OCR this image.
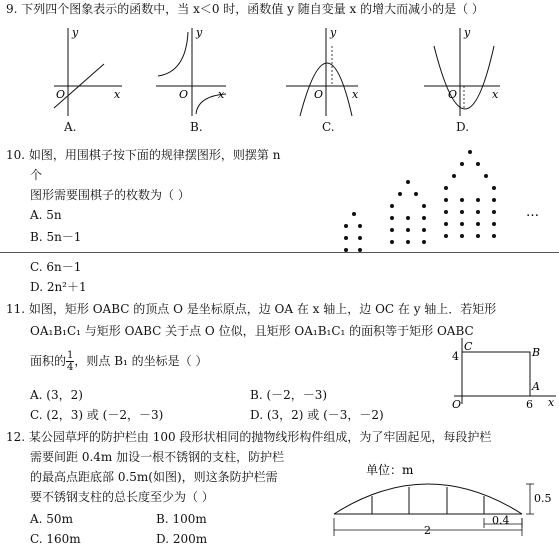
9. 下列四个图象表示的函数中，当 x＜0 时，函数值 y 随自变量 x 的增大而减小的是（ ）
y
x
O
A.
y
x
O
B.
y
x
O
C.
y
x
O
D.
10. 如图，用围棋子按下面的规律摆图形，则摆第 n
个
图形需要围棋子的枚数为（ ）
A. 5n
B. 5n－1
…
C. 6n－1
D. 2n²＋1
11. 如图，矩形 OABC 的顶点 O 是坐标原点，边 OA 在 x 轴上，边 OC 在 y 轴上．若矩形
OA₁B₁C₁ 与矩形 OABC 关于点 O 位似，且矩形 OA₁B₁C₁ 的面积等于矩形 OABC
面积的 $\frac{1}{4}$ ，则点 B₁ 的坐标是（ ）
C
4	B
A
O	6 x
A. (3，2)	B. (－2，－3)
C. (2，3) 或 (－2，－3)	D. (3，2) 或 (－3，－2)
12. 某公园草坪的防护栏由 100 段形状相同的抛物线形构件组成，为了牢固起见，每段护栏
需要间距 0.4m 加设一根不锈钢的支柱，防护栏
的最高点距底部 0.5m(如图)，则这条防护栏需
要不锈钢支柱的总长度至少为（ ）
A. 50m	B. 100m
C. 160m	D. 200m
单位：m
0.5
0.4
2
